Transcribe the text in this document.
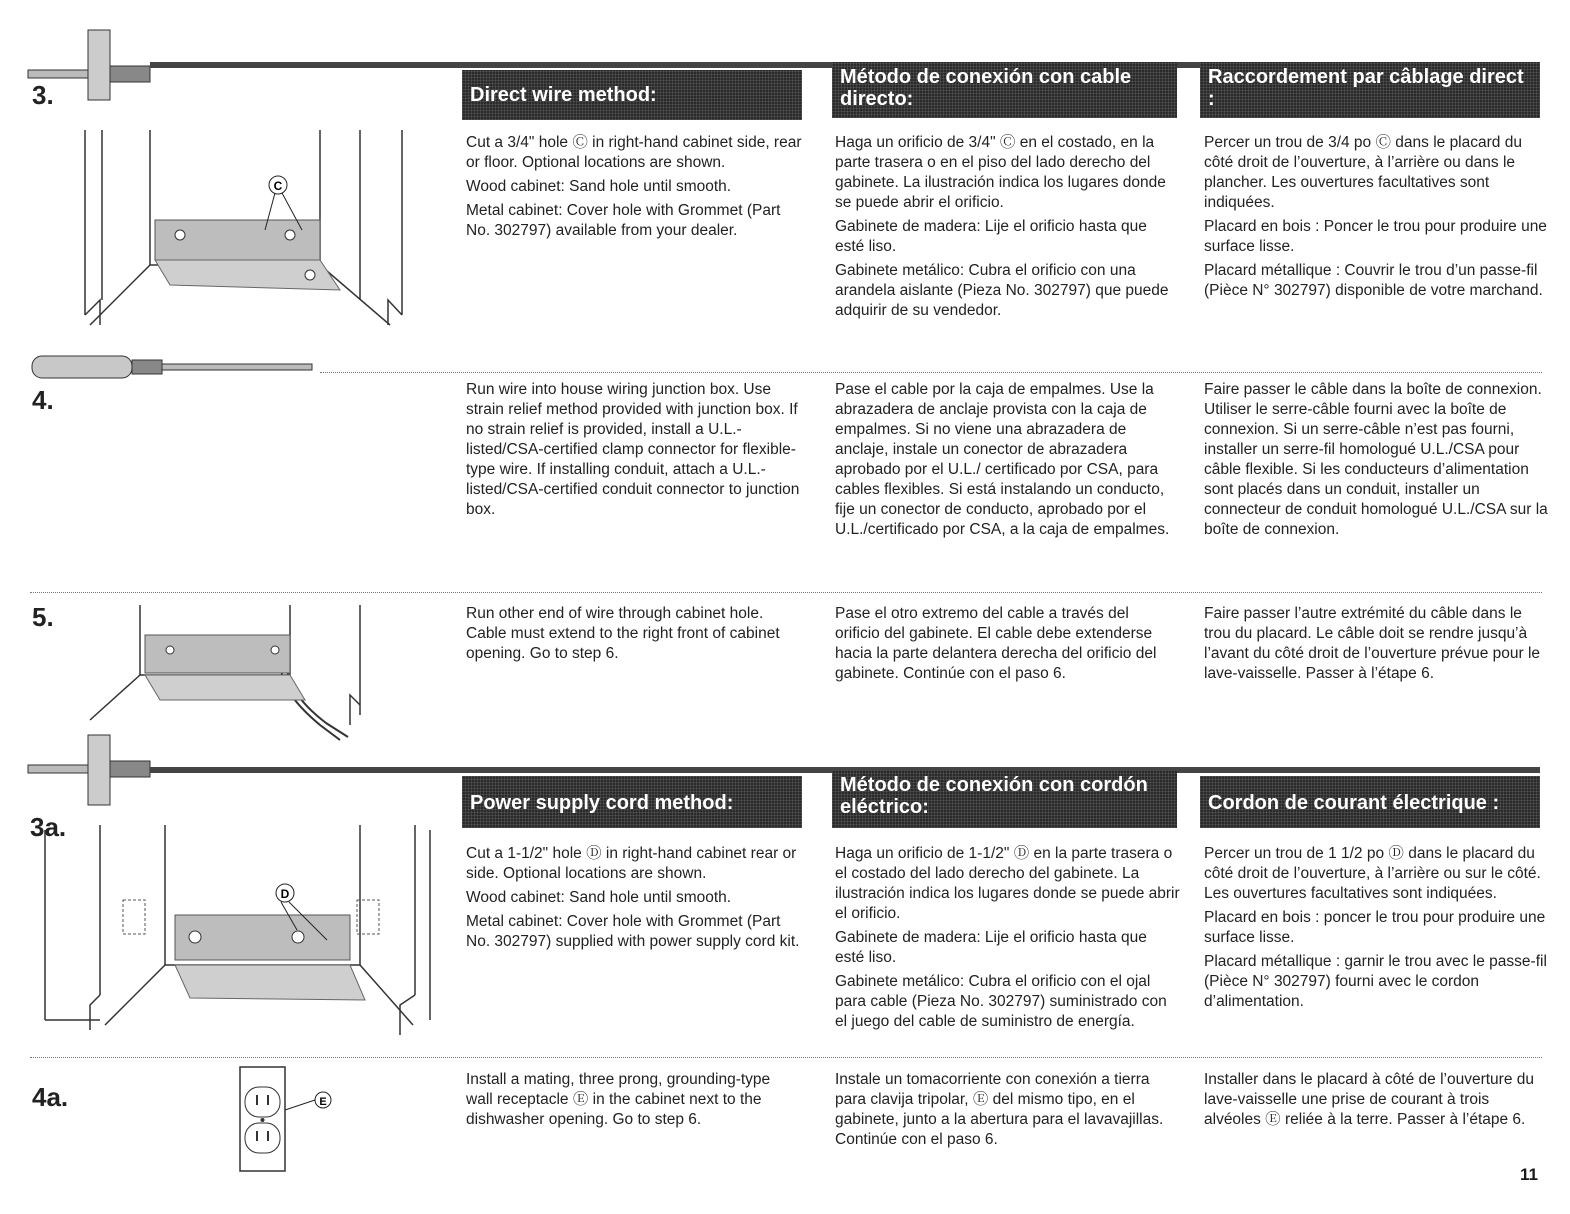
3.	Direct wire method:
Método de conexión con cable directo:
Raccordement par câblage direct :
C

Cut a 3/4" hole Ⓒ in right-hand cabinet side, rear or floor. Optional locations are shown.

Wood cabinet: Sand hole until smooth.

Metal cabinet: Cover hole with Grommet (Part No. 302797) available from your dealer.

Haga un orificio de 3/4" Ⓒ en el costado, en la parte trasera o en el piso del lado derecho del gabinete. La ilustración indica los lugares donde se puede abrir el orificio.

Gabinete de madera: Lije el orificio hasta que esté liso.

Gabinete metálico: Cubra el orificio con una arandela aislante (Pieza No. 302797) que puede adquirir de su vendedor.

Percer un trou de 3/4 po Ⓒ dans le placard du côté droit de l’ouverture, à l’arrière ou dans le plancher. Les ouvertures facultatives sont indiquées.

Placard en bois : Poncer le trou pour produire une surface lisse.

Placard métallique : Couvrir le trou d’un passe-fil (Pièce N° 302797) disponible de votre marchand.

4.	Run wire into house wiring junction box. Use strain relief method provided with junction box. If no strain relief is provided, install a U.L.-listed/CSA-certified clamp connector for flexible-type wire. If installing conduit, attach a U.L.-listed/CSA-certified conduit connector to junction box.

Pase el cable por la caja de empalmes. Use la abrazadera de anclaje provista con la caja de empalmes. Si no viene una abrazadera de anclaje, instale un conector de abrazadera aprobado por el U.L./ certificado por CSA, para cables flexibles. Si está instalando un conducto, fije un conector de conducto, aprobado por el U.L./certificado por CSA, a la caja de empalmes.

Faire passer le câble dans la boîte de connexion. Utiliser le serre-câble fourni avec la boîte de connexion. Si un serre-câble n’est pas fourni, installer un serre-fil homologué U.L./CSA pour câble flexible. Si les conducteurs d’alimentation sont placés dans un conduit, installer un connecteur de conduit homologué U.L./CSA sur la boîte de connexion.

5.	Run other end of wire through cabinet hole. Cable must extend to the right front of cabinet opening. Go to step 6.

Pase el otro extremo del cable a través del orificio del gabinete. El cable debe extenderse hacia la parte delantera derecha del orificio del gabinete. Continúe con el paso 6.

Faire passer l’autre extrémité du câble dans le trou du placard. Le câble doit se rendre jusqu’à l’avant du côté droit de l’ouverture prévue pour le lave-vaisselle. Passer à l’étape 6.

3a.
Power supply cord method:
Método de conexión con cordón eléctrico:	Cordon de courant électrique :
D

Cut a 1-1/2" hole Ⓓ in right-hand cabinet rear or side. Optional locations are shown.

Wood cabinet: Sand hole until smooth.

Metal cabinet: Cover hole with Grommet (Part No. 302797) supplied with power supply cord kit.

Haga un orificio de 1-1/2" Ⓓ en la parte trasera o el costado del lado derecho del gabinete. La ilustración indica los lugares donde se puede abrir el orificio.

Gabinete de madera: Lije el orificio hasta que esté liso.

Gabinete metálico: Cubra el orificio con el ojal para cable (Pieza No. 302797) suministrado con el juego del cable de suministro de energía.

Percer un trou de 1 1/2 po Ⓓ dans le placard du côté droit de l’ouverture, à l’arrière ou sur le côté. Les ouvertures facultatives sont indiquées.

Placard en bois : poncer le trou pour produire une surface lisse.

Placard métallique : garnir le trou avec le passe-fil (Pièce N° 302797) fourni avec le cordon d’alimentation.

4a.	E

Install a mating, three prong, grounding-type wall receptacle Ⓔ in the cabinet next to the dishwasher opening. Go to step 6.

Instale un tomacorriente con conexión a tierra para clavija tripolar, Ⓔ del mismo tipo, en el gabinete, junto a la abertura para el lavavajillas. Continúe con el paso 6.

Installer dans le placard à côté de l’ouverture du lave-vaisselle une prise de courant à trois alvéoles Ⓔ reliée à la terre. Passer à l’étape 6.

11
